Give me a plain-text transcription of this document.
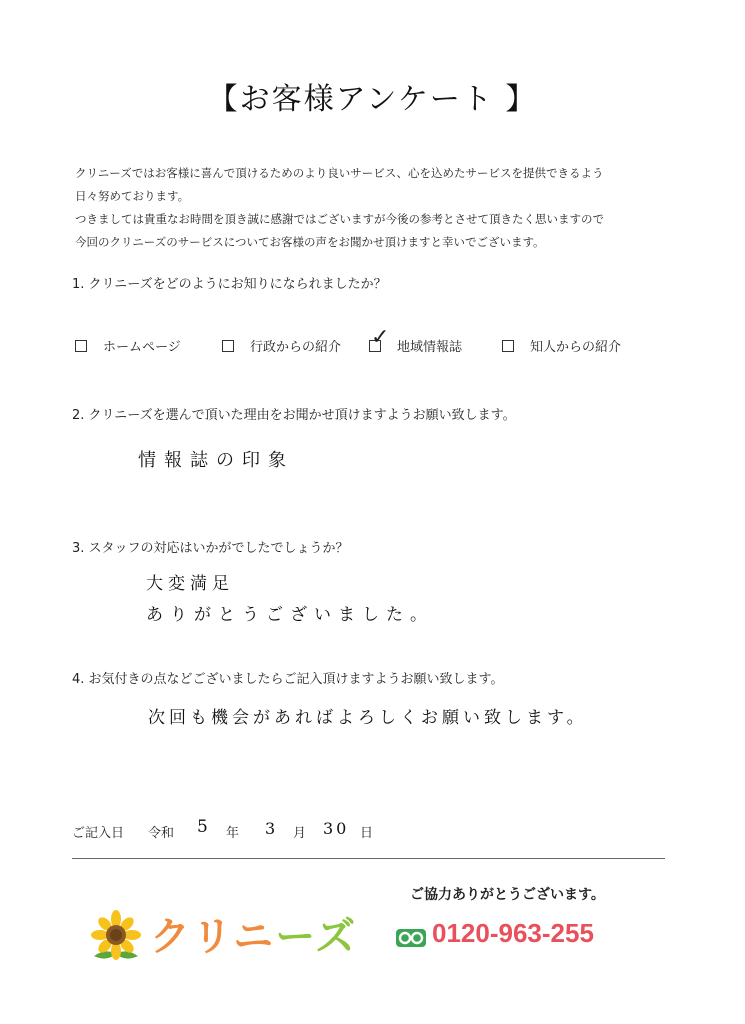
【お客様アンケート 】
クリニーズではお客様に喜んで頂けるためのより良いサービス、心を込めたサービスを提供できるよう
日々努めております。
つきましては貴重なお時間を頂き誠に感謝ではございますが今後の参考とさせて頂きたく思いますので
今回のクリニーズのサービスについてお客様の声をお聞かせ頂けますと幸いでございます。
1. クリニーズをどのようにお知りになられましたか？
ホームページ	行政からの紹介 ✓ 地域情報誌	知人からの紹介
2. クリニーズを選んで頂いた理由をお聞かせ頂けますようお願い致します。
情報誌の印象
3. スタッフの対応はいかがでしたでしょうか？
大変満足
ありがとうございました。
4. お気付きの点などございましたらご記入頂けますようお願い致します。
次回も機会があればよろしくお願い致します。
ご記入日 令和 5 年 3 月 30 日
ご協力ありがとうございます。
クリニーズ	0120-963-255
